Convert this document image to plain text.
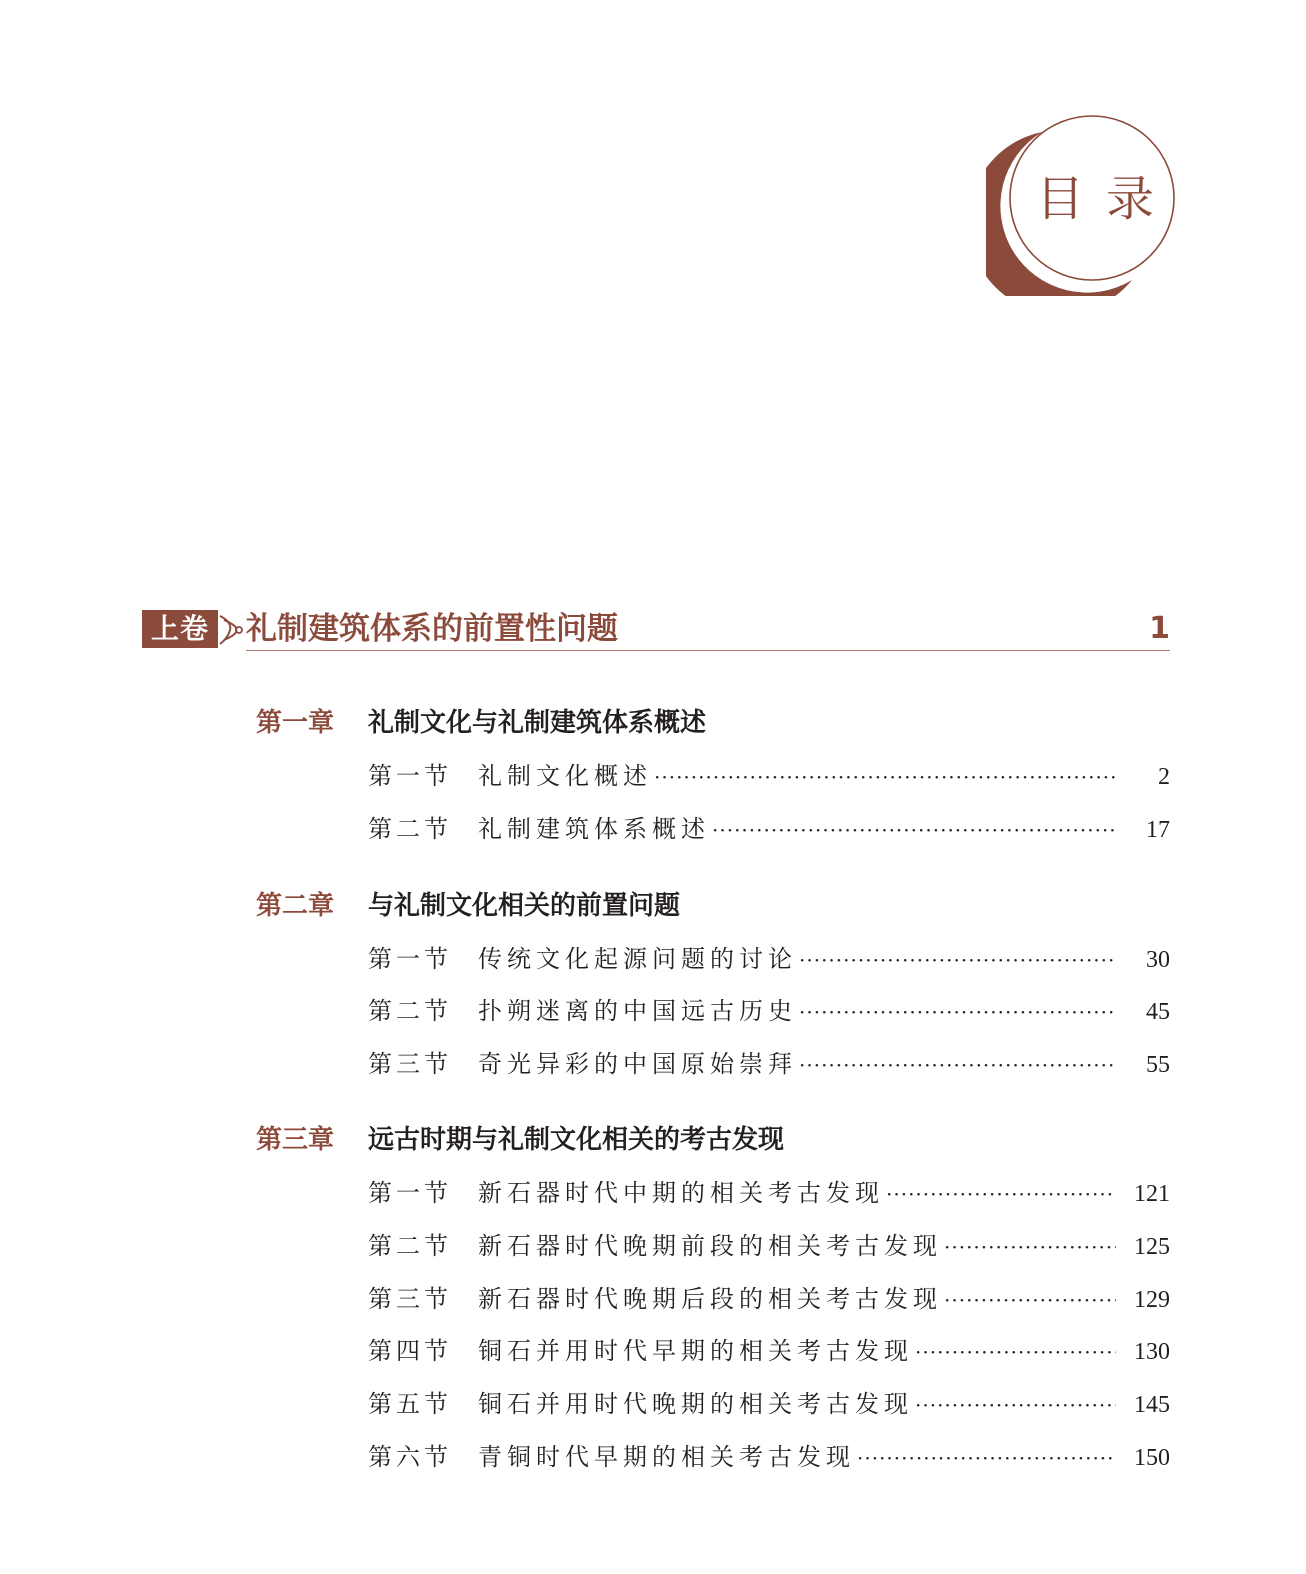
目录
上卷 礼制建筑体系的前置性问题	1
第一章 礼制文化与礼制建筑体系概述
第一节	礼制文化概述 ·····	2
第二节	礼制建筑体系概述 ·····	17
第二章 与礼制文化相关的前置问题
第一节	传统文化起源问题的讨论 ·····	30
第二节	扑朔迷离的中国远古历史 ·····	45
第三节	奇光异彩的中国原始崇拜 ·····	55
第三章 远古时期与礼制文化相关的考古发现
第一节	新石器时代中期的相关考古发现 ·····	121
第二节	新石器时代晚期前段的相关考古发现 ·····	125
第三节	新石器时代晚期后段的相关考古发现 ·····	129
第四节	铜石并用时代早期的相关考古发现 ·····	130
第五节	铜石并用时代晚期的相关考古发现 ·····	145
第六节	青铜时代早期的相关考古发现 ·····	150
